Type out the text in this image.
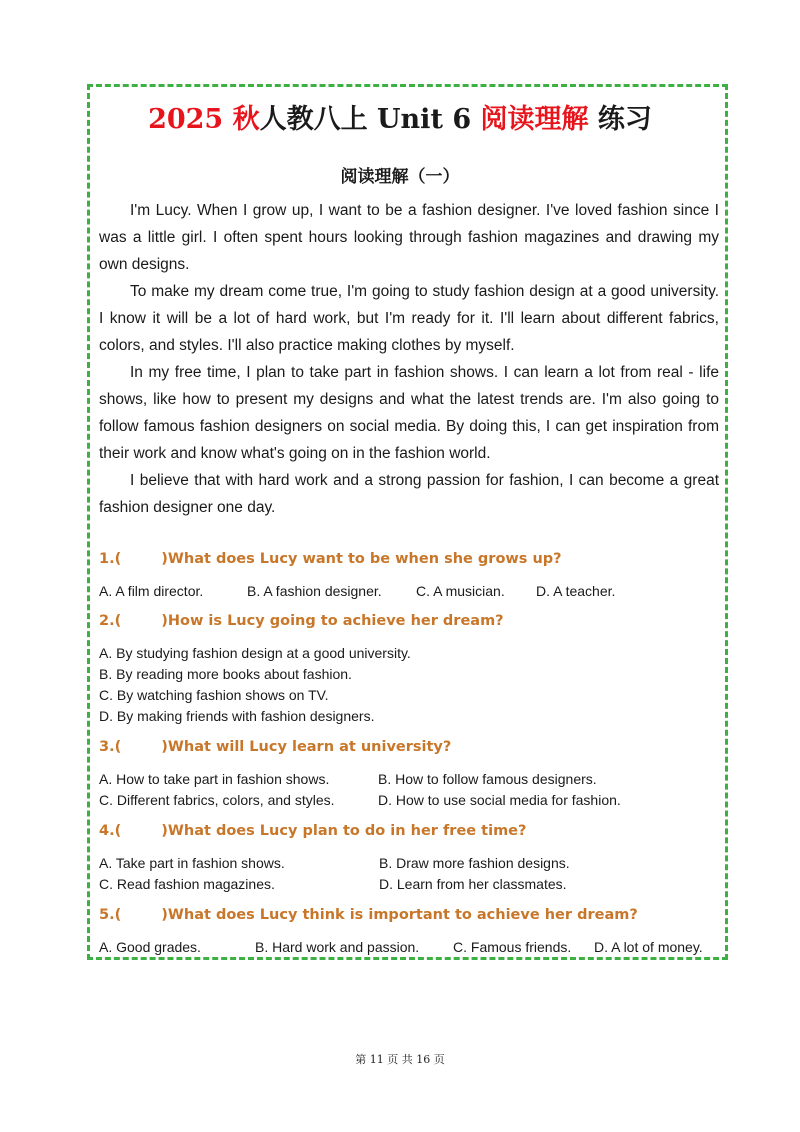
2025 秋人教八上 Unit 6 阅读理解 练习
阅读理解（一）

I'm Lucy. When I grow up, I want to be a fashion designer. I've loved fashion since I was a little girl. I often spent hours looking through fashion magazines and drawing my own designs.

To make my dream come true, I'm going to study fashion design at a good university. I know it will be a lot of hard work, but I'm ready for it. I'll learn about different fabrics, colors, and styles. I'll also practice making clothes by myself.

In my free time, I plan to take part in fashion shows. I can learn a lot from real - life shows, like how to present my designs and what the latest trends are. I'm also going to follow famous fashion designers on social media. By doing this, I can get inspiration from their work and know what's going on in the fashion world.

I believe that with hard work and a strong passion for fashion, I can become a great fashion designer one day.

1.(	)What does Lucy want to be when she grows up?
A. A film director.	B. A fashion designer. C. A musician. D. A teacher.
2.(	)How is Lucy going to achieve her dream?
A. By studying fashion design at a good university.
B. By reading more books about fashion.
C. By watching fashion shows on TV.
D. By making friends with fashion designers.
3.(	)What will Lucy learn at university?
A. How to take part in fashion shows.	B. How to follow famous designers.
C. Different fabrics, colors, and styles.	D. How to use social media for fashion.
4.(	)What does Lucy plan to do in her free time?
A. Take part in fashion shows.	B. Draw more fashion designs.
C. Read fashion magazines.	D. Learn from her classmates.
5.(	)What does Lucy think is important to achieve her dream?
A. Good grades.	B. Hard work and passion. C. Famous friends. D. A lot of money.
第 11 页 共 16 页
